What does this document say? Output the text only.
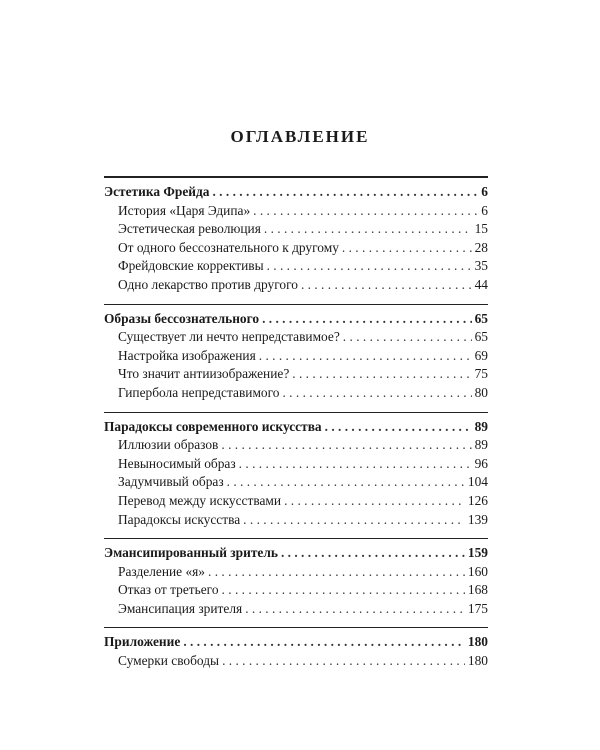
ОГЛАВЛЕНИЕ
Эстетика Фрейда . . .	6
История «Царя Эдипа» . . .	6
Эстетическая революция . . .	15
От одного бессознательного к другому . . .	28
Фрейдовские коррективы . . .	35
Одно лекарство против другого . . .	44
Образы бессознательного . . .	65
Существует ли нечто непредставимое? . . .	65
Настройка изображения . . .	69
Что значит антиизображение? . . .	75
Гипербола непредставимого . . .	80
Парадоксы современного искусства . . .	89
Иллюзии образов . . .	89
Невыносимый образ . . .	96
Задумчивый образ . . .	104
Перевод между искусствами . . .	126
Парадоксы искусства . . .	139
Эмансипированный зритель . . .	159
Разделение «я» . . .	160
Отказ от третьего . . .	168
Эмансипация зрителя . . .	175
Приложение . . .	180
Сумерки свободы . . .	180
